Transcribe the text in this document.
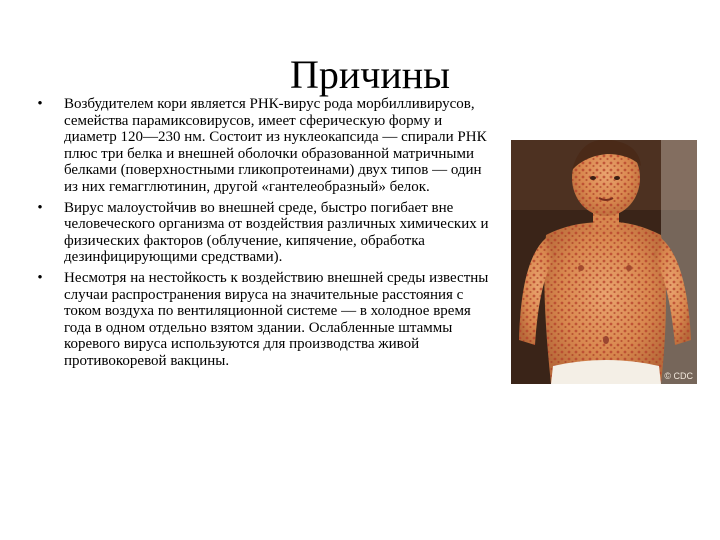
Причины
•	Возбудителем кори является РНК-вирус рода морбилливирусов, семейства парамиксовирусов, имеет сферическую форму и диаметр 120—230 нм. Состоит из нуклеокапсида — спирали РНК плюс три белка и внешней оболочки образованной матричными белками (поверхностными гликопротеинами) двух типов — один из них гемагглютинин, другой «гантелеобразный» белок.
•	Вирус малоустойчив во внешней среде, быстро погибает вне человеческого организма от воздействия различных химических и физических факторов (облучение, кипячение, обработка дезинфицирующими средствами).
•	Несмотря на нестойкость к воздействию внешней среды известны случаи распространения вируса на значительные расстояния с током воздуха по вентиляционной системе — в холодное время года в одном отдельно взятом здании. Ослабленные штаммы коревого вируса используются для производства живой противокоревой вакцины.
© CDC
